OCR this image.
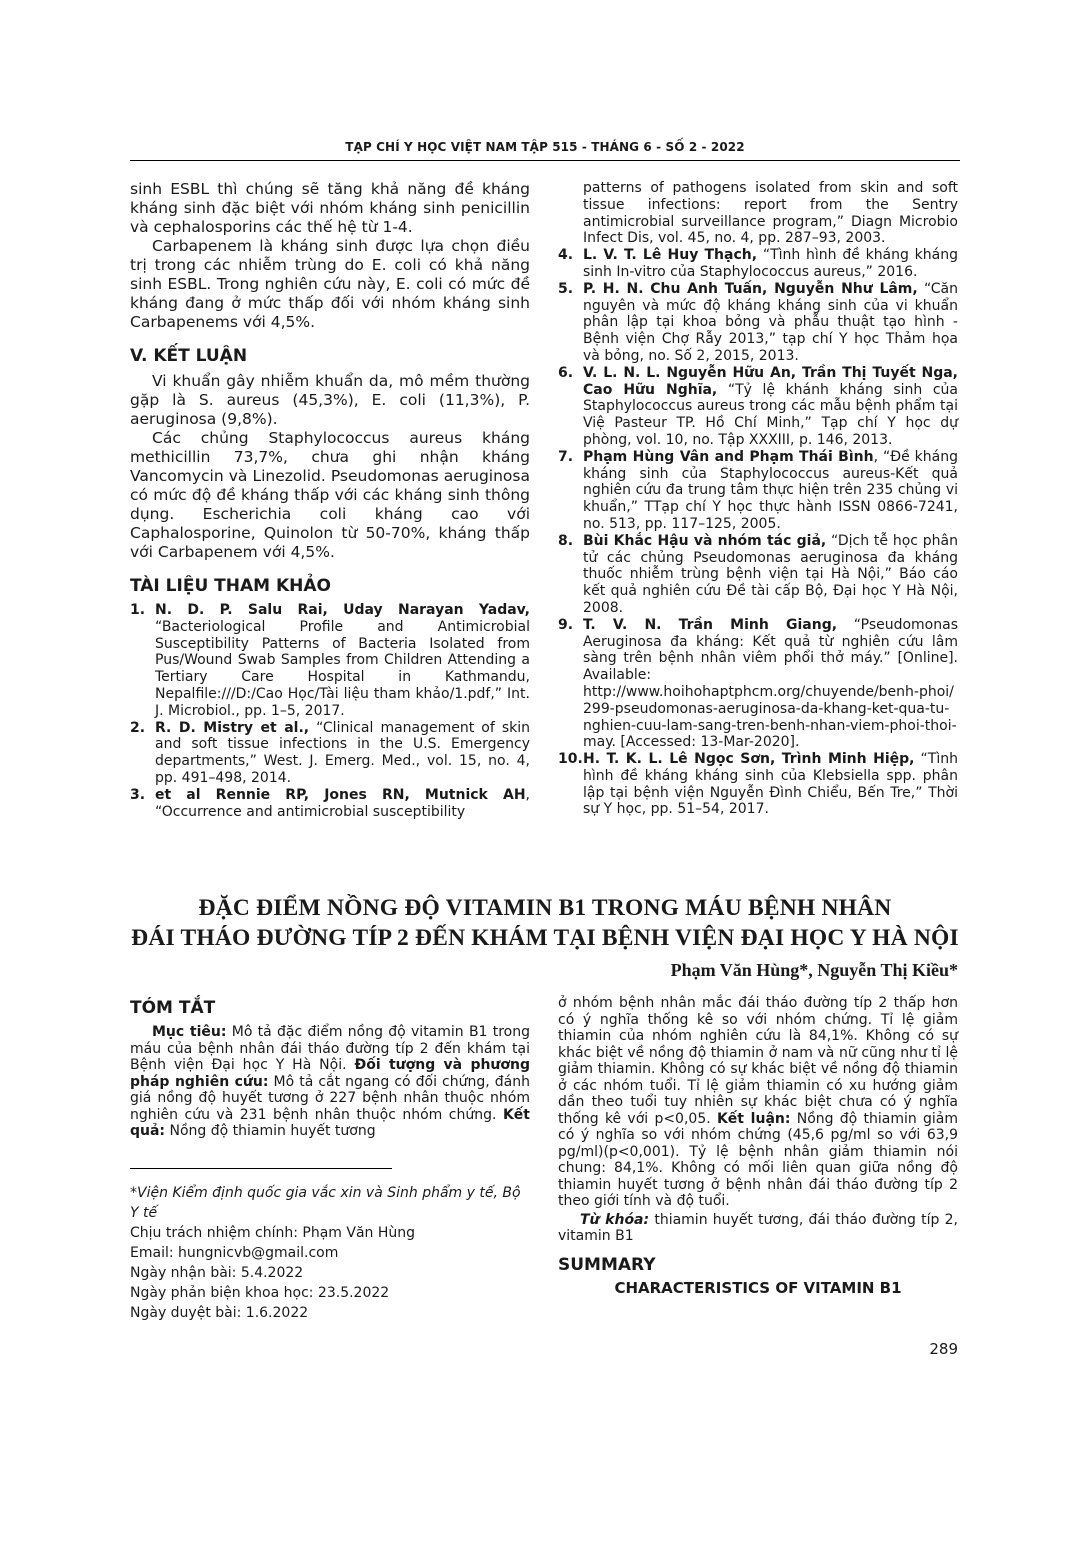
TẠP CHÍ Y HỌC VIỆT NAM TẬP 515 - THÁNG 6 - SỐ 2 - 2022

sinh ESBL thì chúng sẽ tăng khả năng đề kháng kháng sinh đặc biệt với nhóm kháng sinh penicillin và cephalosporins các thế hệ từ 1-4.

Carbapenem là kháng sinh được lựa chọn điều trị trong các nhiễm trùng do E. coli có khả năng sinh ESBL. Trong nghiên cứu này, E. coli có mức đề kháng đang ở mức thấp đối với nhóm kháng sinh Carbapenems với 4,5%.

V. KẾT LUẬN

Vi khuẩn gây nhiễm khuẩn da, mô mềm thường gặp là S. aureus (45,3%), E. coli (11,3%), P. aeruginosa (9,8%).

Các chủng Staphylococcus aureus kháng methicillin 73,7%, chưa ghi nhận kháng Vancomycin và Linezolid. Pseudomonas aeruginosa có mức độ đề kháng thấp với các kháng sinh thông dụng. Escherichia coli kháng cao với Caphalosporine, Quinolon từ 50-70%, kháng thấp với Carbapenem với 4,5%.

TÀI LIỆU THAM KHẢO
1. N. D. P. Salu Rai, Uday Narayan Yadav, “Bacteriological Profile and Antimicrobial Susceptibility Patterns of Bacteria Isolated from Pus/Wound Swab Samples from Children Attending a Tertiary Care Hospital in Kathmandu, Nepalfile:///D:/Cao Học/Tài liệu tham khảo/1.pdf,” Int. J. Microbiol., pp. 1–5, 2017.
2. R. D. Mistry et al., “Clinical management of skin and soft tissue infections in the U.S. Emergency departments,” West. J. Emerg. Med., vol. 15, no. 4, pp. 491–498, 2014.
3. et al Rennie RP, Jones RN, Mutnick AH, “Occurrence and antimicrobial susceptibility

patterns of pathogens isolated from skin and soft tissue infections: report from the Sentry antimicrobial surveillance program,” Diagn Microbio Infect Dis, vol. 45, no. 4, pp. 287–93, 2003.

4. L. V. T. Lê Huy Thạch, “Tình hình đề kháng kháng sinh In-vitro của Staphylococcus aureus,” 2016.
5. P. H. N. Chu Anh Tuấn, Nguyễn Như Lâm, “Căn nguyên và mức độ kháng kháng sinh của vi khuẩn phân lập tại khoa bỏng và phẫu thuật tạo hình - Bệnh viện Chợ Rẫy 2013,” tạp chí Y học Thảm họa và bỏng, no. Số 2, 2015, 2013.
6. V. L. N. L. Nguyễn Hữu An, Trần Thị Tuyết Nga, Cao Hữu Nghĩa, “Tỷ lệ khánh kháng sinh của Staphylococcus aureus trong các mẫu bệnh phẩm tại Việ Pasteur TP. Hồ Chí Minh,” Tạp chí Y học dự phòng, vol. 10, no. Tập XXXIII, p. 146, 2013.
7. Phạm Hùng Vân and Phạm Thái Bình, “Đề kháng kháng sinh của Staphylococcus aureus-Kết quả nghiên cứu đa trung tâm thực hiện trên 235 chủng vi khuẩn,” TTạp chí Y học thực hành ISSN 0866-7241, no. 513, pp. 117–125, 2005.
8. Bùi Khắc Hậu và nhóm tác giả, “Dịch tễ học phân tử các chủng Pseudomonas aeruginosa đa kháng thuốc nhiễm trùng bệnh viện tại Hà Nội,” Báo cáo kết quả nghiên cứu Đề tài cấp Bộ, Đại học Y Hà Nội, 2008.
9. T. V. N. Trần Minh Giang, “Pseudomonas Aeruginosa đa kháng: Kết quả từ nghiên cứu lâm sàng trên bệnh nhân viêm phổi thở máy.” [Online]. Available:
http://www.hoihohaptphcm.org/chuyende/benh-phoi/299-pseudomonas-aeruginosa-da-khang-ket-qua-tu-nghien-cuu-lam-sang-tren-benh-nhan-viem-phoi-thoi-may. [Accessed: 13-Mar-2020].
10. H. T. K. L. Lê Ngọc Sơn, Trình Minh Hiệp, “Tình hình đề kháng kháng sinh của Klebsiella spp. phân lập tại bệnh viện Nguyễn Đình Chiểu, Bến Tre,” Thời sự Y học, pp. 51–54, 2017.
ĐẶC ĐIỂM NỒNG ĐỘ VITAMIN B1 TRONG MÁU BỆNH NHÂN
ĐÁI THÁO ĐƯỜNG TÍP 2 ĐẾN KHÁM TẠI BỆNH VIỆN ĐẠI HỌC Y HÀ NỘI
Phạm Văn Hùng*, Nguyễn Thị Kiều*
TÓM TẮT

Mục tiêu: Mô tả đặc điểm nồng độ vitamin B1 trong máu của bệnh nhân đái tháo đường típ 2 đến khám tại Bệnh viện Đại học Y Hà Nội. Đối tượng và phương pháp nghiên cứu: Mô tả cắt ngang có đối chứng, đánh giá nồng độ huyết tương ở 227 bệnh nhân thuộc nhóm nghiên cứu và 231 bệnh nhân thuộc nhóm chứng. Kết quả: Nồng độ thiamin huyết tương

*Viện Kiểm định quốc gia vắc xin và Sinh phẩm y tế, Bộ Y tế
Chịu trách nhiệm chính: Phạm Văn Hùng
Email: hungnicvb@gmail.com
Ngày nhận bài: 5.4.2022
Ngày phản biện khoa học: 23.5.2022
Ngày duyệt bài: 1.6.2022

ở nhóm bệnh nhân mắc đái tháo đường típ 2 thấp hơn có ý nghĩa thống kê so với nhóm chứng. Tỉ lệ giảm thiamin của nhóm nghiên cứu là 84,1%. Không có sự khác biệt về nồng độ thiamin ở nam và nữ cũng như tỉ lệ giảm thiamin. Không có sự khác biệt về nồng độ thiamin ở các nhóm tuổi. Tỉ lệ giảm thiamin có xu hướng giảm dần theo tuổi tuy nhiên sự khác biệt chưa có ý nghĩa thống kê với p<0,05. Kết luận: Nồng độ thiamin giảm có ý nghĩa so với nhóm chứng (45,6 pg/ml so với 63,9 pg/ml)(p<0,001). Tỷ lệ bệnh nhân giảm thiamin nói chung: 84,1%. Không có mối liên quan giữa nồng độ thiamin huyết tương ở bệnh nhân đái tháo đường típ 2 theo giới tính và độ tuổi.

Từ khóa: thiamin huyết tương, đái tháo đường típ 2, vitamin B1

SUMMARY
CHARACTERISTICS OF VITAMIN B1
289
